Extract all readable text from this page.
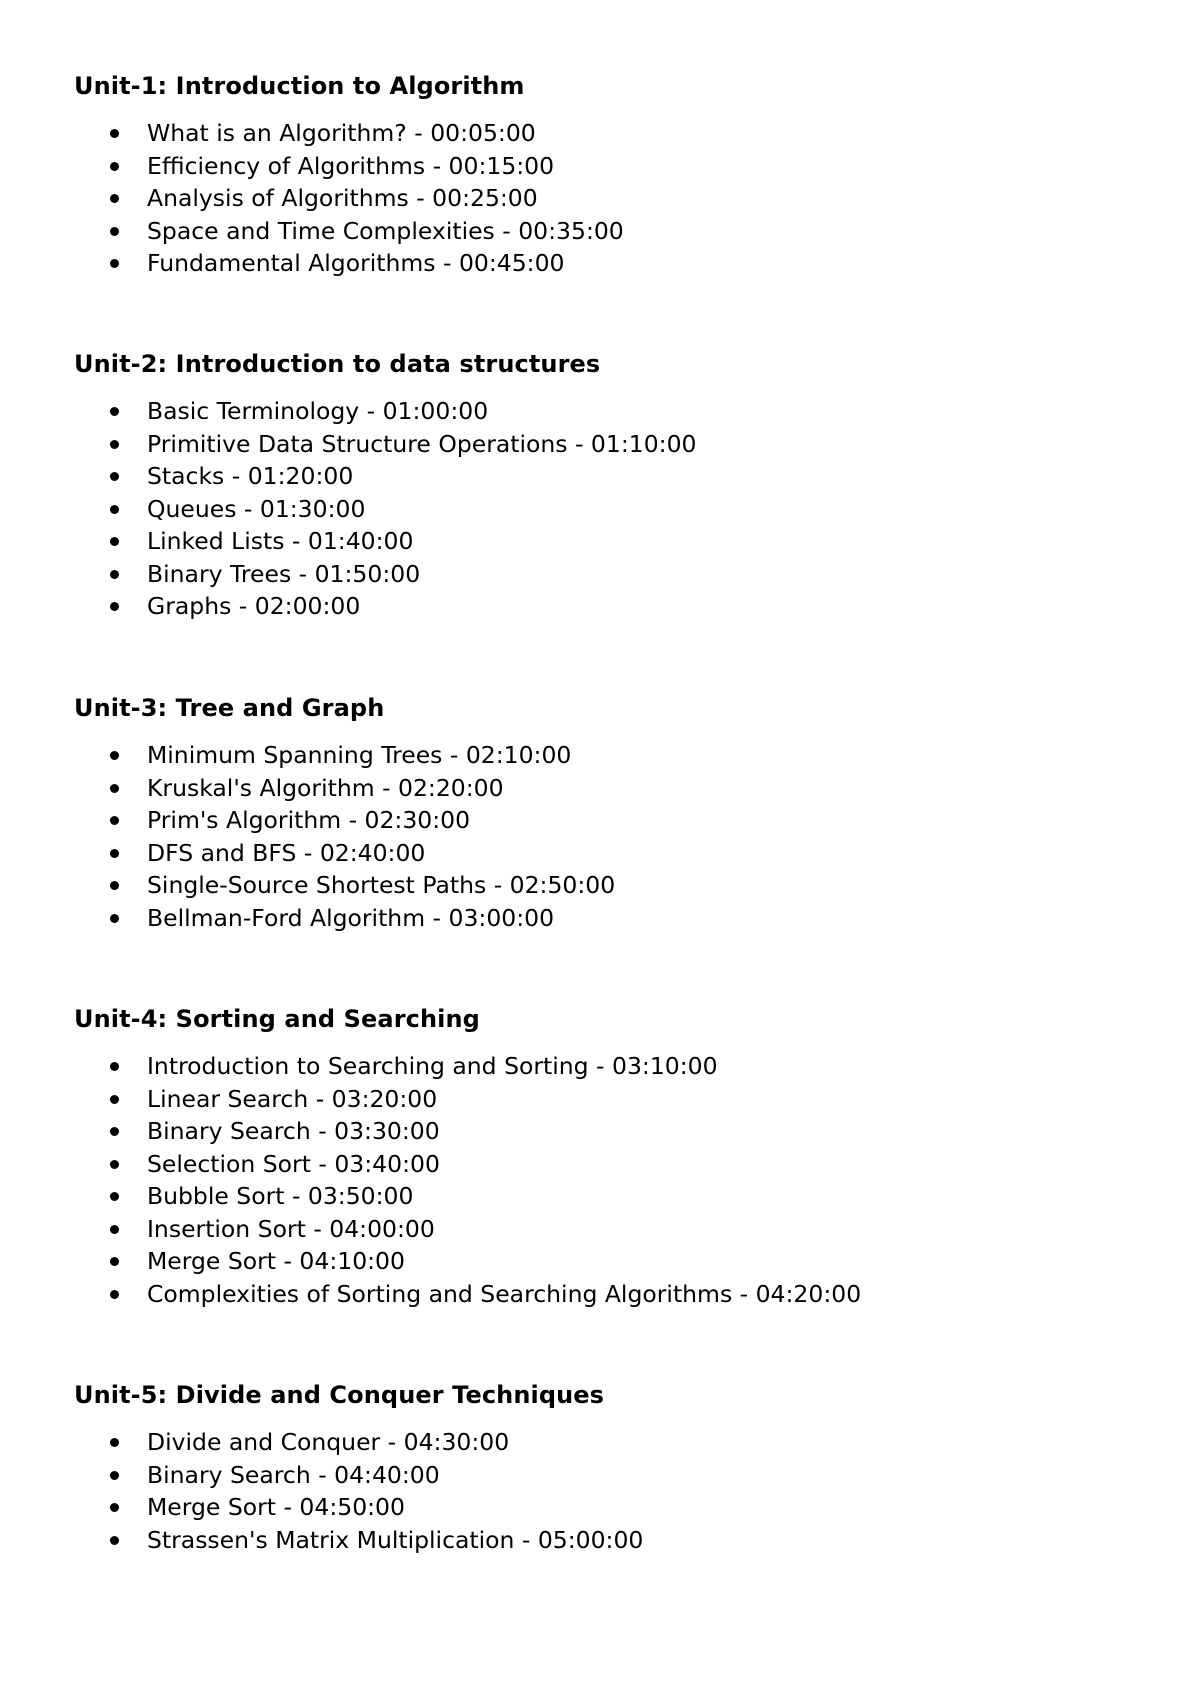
Unit-1: Introduction to Algorithm
What is an Algorithm? - 00:05:00
Efficiency of Algorithms - 00:15:00
Analysis of Algorithms - 00:25:00
Space and Time Complexities - 00:35:00
Fundamental Algorithms - 00:45:00
Unit-2: Introduction to data structures
Basic Terminology - 01:00:00
Primitive Data Structure Operations - 01:10:00
Stacks - 01:20:00
Queues - 01:30:00
Linked Lists - 01:40:00
Binary Trees - 01:50:00
Graphs - 02:00:00
Unit-3: Tree and Graph
Minimum Spanning Trees - 02:10:00
Kruskal's Algorithm - 02:20:00
Prim's Algorithm - 02:30:00
DFS and BFS - 02:40:00
Single-Source Shortest Paths - 02:50:00
Bellman-Ford Algorithm - 03:00:00
Unit-4: Sorting and Searching
Introduction to Searching and Sorting - 03:10:00
Linear Search - 03:20:00
Binary Search - 03:30:00
Selection Sort - 03:40:00
Bubble Sort - 03:50:00
Insertion Sort - 04:00:00
Merge Sort - 04:10:00
Complexities of Sorting and Searching Algorithms - 04:20:00
Unit-5: Divide and Conquer Techniques
Divide and Conquer - 04:30:00
Binary Search - 04:40:00
Merge Sort - 04:50:00
Strassen's Matrix Multiplication - 05:00:00
